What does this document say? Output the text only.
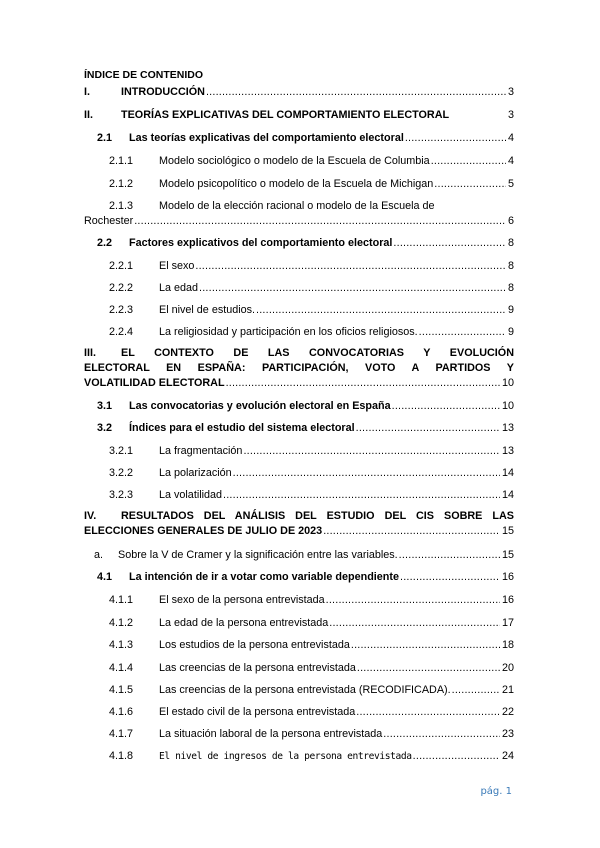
ÍNDICE DE CONTENIDO
I.	INTRODUCCIÓN .....	3
II.	TEORÍAS EXPLICATIVAS DEL COMPORTAMIENTO ELECTORAL	3
2.1	Las teorías explicativas del comportamiento electoral .....	4
2.1.1	Modelo sociológico o modelo de la Escuela de Columbia .....	4
2.1.2	Modelo psicopolítico o modelo de la Escuela de Michigan .....	5
2.1.3	Modelo de la elección racional o modelo de la Escuela de
Rochester .....	6
2.2	Factores explicativos del comportamiento electoral .....	8
2.2.1	El sexo .....	8
2.2.2	La edad .....	8
2.2.3	El nivel de estudios. .....	9
2.2.4	La religiosidad y participación en los oficios religiosos. .....	9
III.	EL CONTEXTO DE LAS CONVOCATORIAS Y EVOLUCIÓN
ELECTORAL EN ESPAÑA: PARTICIPACIÓN, VOTO A PARTIDOS Y
VOLATILIDAD ELECTORAL .....	10
3.1	Las convocatorias y evolución electoral en España .....	10
3.2	Índices para el estudio del sistema electoral .....	13
3.2.1	La fragmentación .....	13
3.2.2	La polarización .....	14
3.2.3	La volatilidad .....	14
IV.	RESULTADOS DEL ANÁLISIS DEL ESTUDIO DEL CIS SOBRE LAS
ELECCIONES GENERALES DE JULIO DE 2023 .....	15
a.	Sobre la V de Cramer y la significación entre las variables. .....	15
4.1	La intención de ir a votar como variable dependiente .....	16
4.1.1	El sexo de la persona entrevistada .....	16
4.1.2	La edad de la persona entrevistada .....	17
4.1.3	Los estudios de la persona entrevistada .....	18
4.1.4	Las creencias de la persona entrevistada .....	20
4.1.5	Las creencias de la persona entrevistada (RECODIFICADA). .....	21
4.1.6	El estado civil de la persona entrevistada .....	22
4.1.7	La situación laboral de la persona entrevistada .....	23
4.1.8	El nivel de ingresos de la persona entrevistada .....	24
pág. 1
